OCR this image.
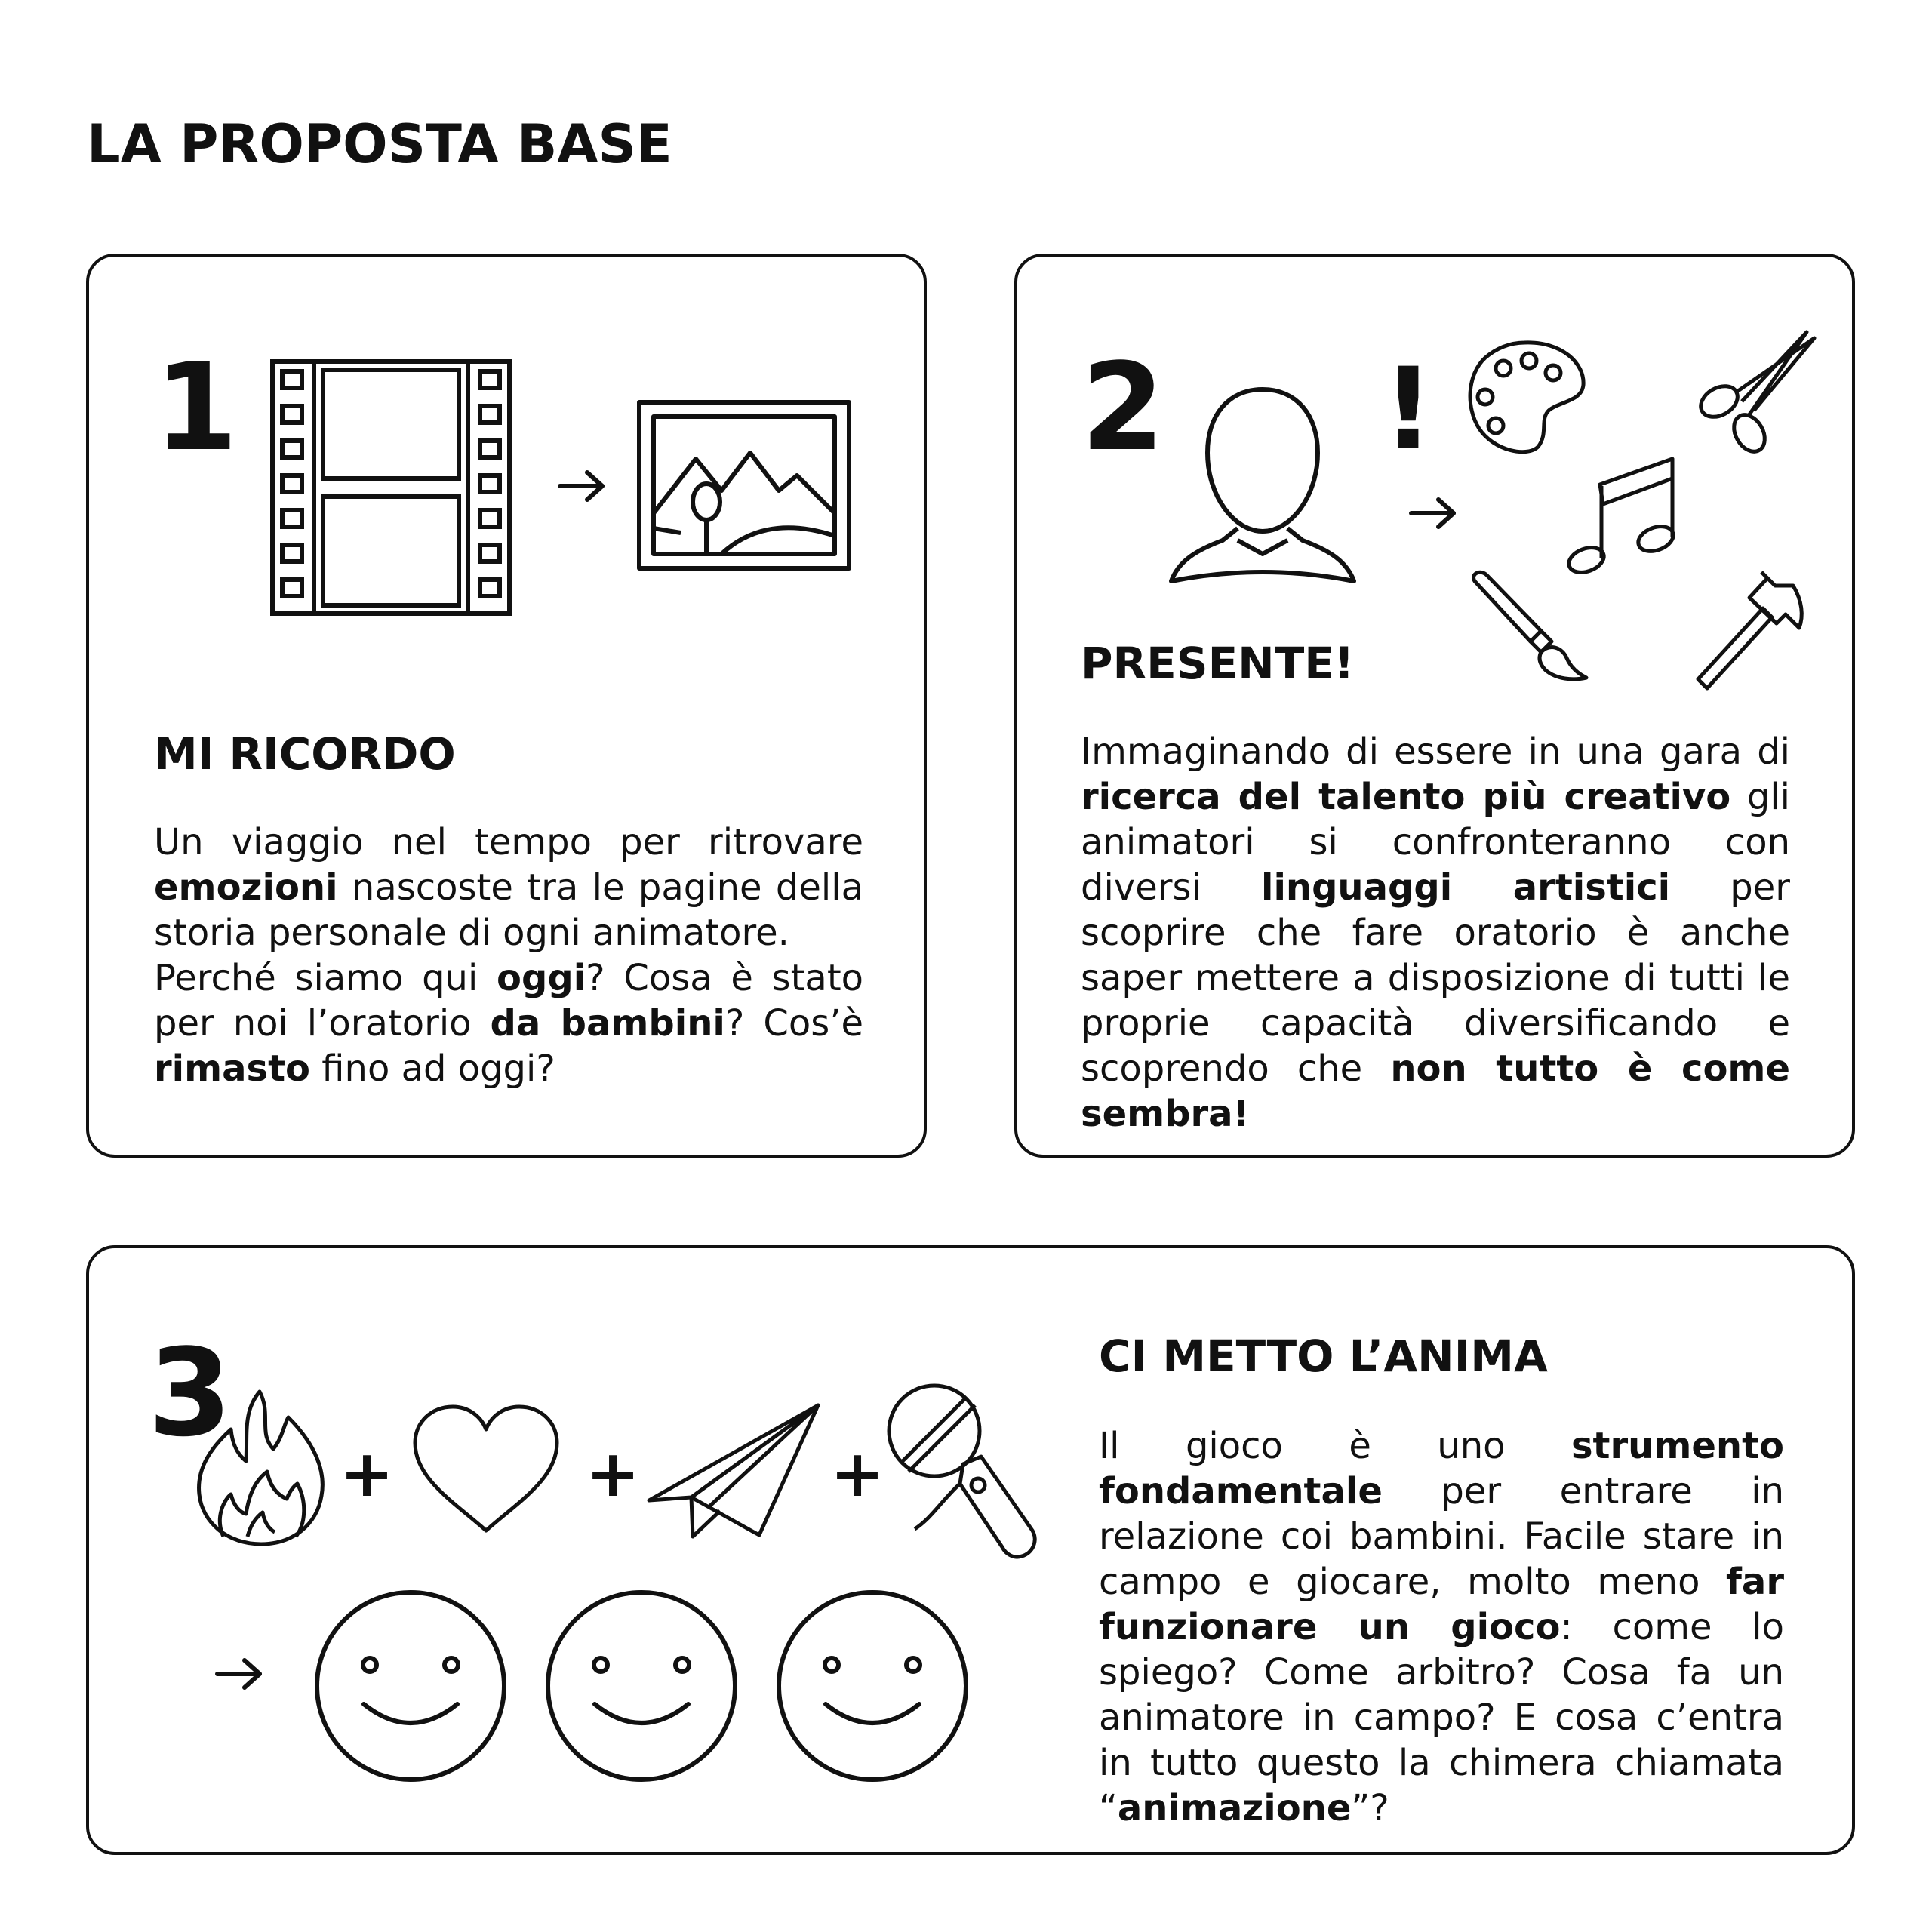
LA PROPOSTA BASE
1
MI RICORDO

Un viaggio nel tempo per ritrovare emozioni nascoste tra le pagine della storia personale di ogni animatore.

Perché siamo qui oggi? Cosa è stato per noi l’oratorio da bambini? Cos’è rimasto fino ad oggi?

2 !
PRESENTE!

Immaginando di essere in una gara di ricerca del talento più creativo gli animatori si confronteranno con diversi linguaggi artistici per scoprire che fare oratorio è anche saper mettere a disposizione di tutti le proprie capacità diversificando e scoprendo che non tutto è come sembra!

3
+	+	+
CI METTO L’ANIMA

Il gioco è uno strumento fondamentale per entrare in relazione coi bambini. Facile stare in campo e giocare, molto meno far funzionare un gioco: come lo spiego? Come arbitro? Cosa fa un animatore in campo? E cosa c’entra in tutto questo la chimera chiamata “animazione”?
